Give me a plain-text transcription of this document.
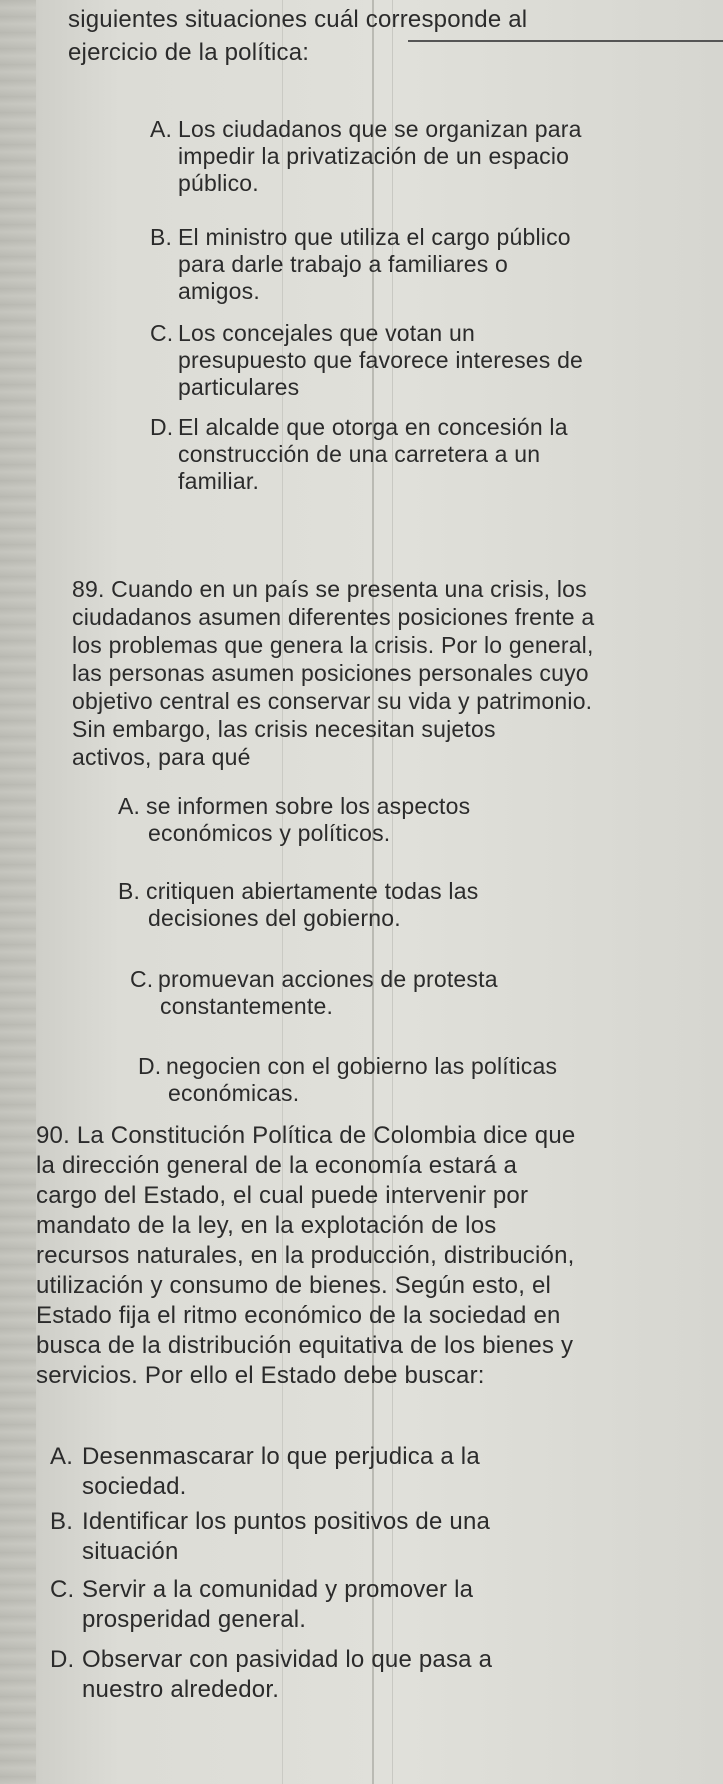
siguientes situaciones cuál corresponde al
ejercicio de la política:
A. Los ciudadanos que se organizan para
impedir la privatización de un espacio
público.
B. El ministro que utiliza el cargo público
para darle trabajo a familiares o
amigos.
C. Los concejales que votan un
presupuesto que favorece intereses de
particulares
D. El alcalde que otorga en concesión la
construcción de una carretera a un
familiar.
89. Cuando en un país se presenta una crisis, los
ciudadanos asumen diferentes posiciones frente a
los problemas que genera la crisis. Por lo general,
las personas asumen posiciones personales cuyo
objetivo central es conservar su vida y patrimonio.
Sin embargo, las crisis necesitan sujetos
activos, para qué
A. se informen sobre los aspectos
económicos y políticos.
B. critiquen abiertamente todas las
decisiones del gobierno.
C. promuevan acciones de protesta
constantemente.
D. negocien con el gobierno las políticas
económicas.
90. La Constitución Política de Colombia dice que
la dirección general de la economía estará a
cargo del Estado, el cual puede intervenir por
mandato de la ley, en la explotación de los
recursos naturales, en la producción, distribución,
utilización y consumo de bienes. Según esto, el
Estado fija el ritmo económico de la sociedad en
busca de la distribución equitativa de los bienes y
servicios. Por ello el Estado debe buscar:
A. Desenmascarar lo que perjudica a la
sociedad.
B. Identificar los puntos positivos de una
situación
C. Servir a la comunidad y promover la
prosperidad general.
D. Observar con pasividad lo que pasa a
nuestro alrededor.
